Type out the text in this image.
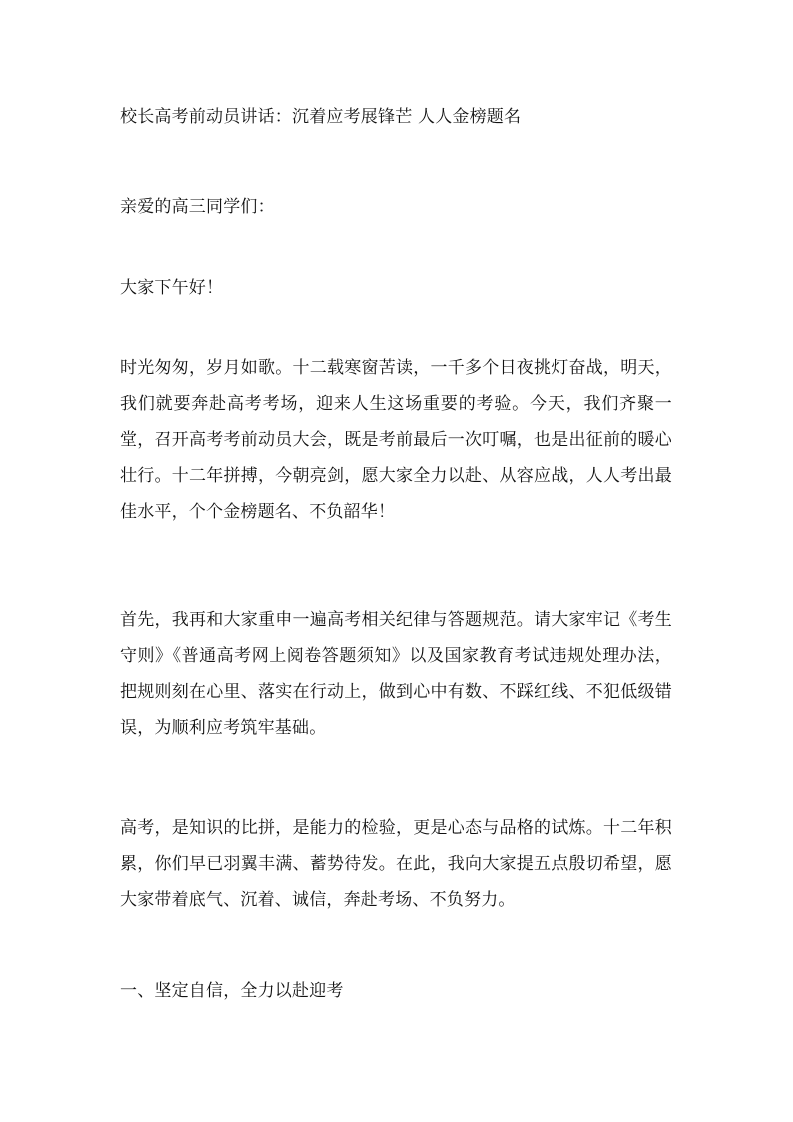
校长高考前动员讲话：沉着应考展锋芒 人人金榜题名
亲爱的高三同学们：
大家下午好！
时光匆匆，岁月如歌。十二载寒窗苦读，一千多个日夜挑灯奋战，明天，我们就要奔赴高考考场，迎来人生这场重要的考验。今天，我们齐聚一堂，召开高考考前动员大会，既是考前最后一次叮嘱，也是出征前的暖心壮行。十二年拼搏，今朝亮剑，愿大家全力以赴、从容应战，人人考出最佳水平，个个金榜题名、不负韶华！
首先，我再和大家重申一遍高考相关纪律与答题规范。请大家牢记《考生守则》《普通高考网上阅卷答题须知》以及国家教育考试违规处理办法，把规则刻在心里、落实在行动上，做到心中有数、不踩红线、不犯低级错误，为顺利应考筑牢基础。
高考，是知识的比拼，是能力的检验，更是心态与品格的试炼。十二年积累，你们早已羽翼丰满、蓄势待发。在此，我向大家提五点殷切希望，愿大家带着底气、沉着、诚信，奔赴考场、不负努力。
一、坚定自信，全力以赴迎考
